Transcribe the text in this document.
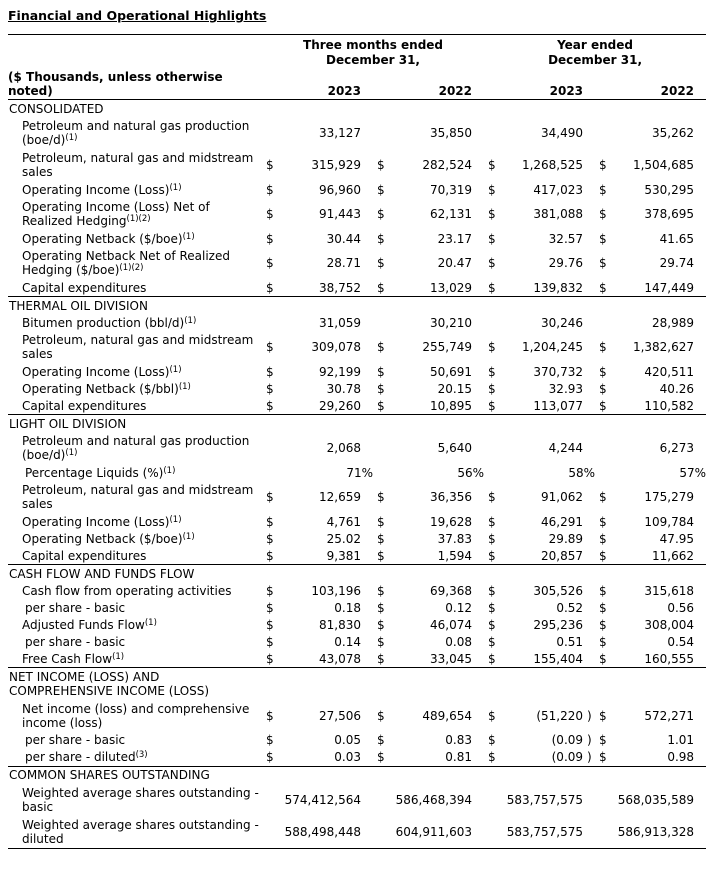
Financial and Operational Highlights

Three months ended
December 31,

Year ended
December 31,

($ Thousands, unless otherwise noted)	2023			2022			2023			2022		
CONSOLIDATED												
Petroleum and natural gas production $(boe/d)^{(1)}$		33,127			35,850			34,490			35,262	
Petroleum, natural gas and midstream sales	$	315,929		$	282,524		$	1,268,525		$	1,504,685	
Operating Income (Loss)$^{(1)}$	$	96,960		$	70,319		$	417,023		$	530,295	
Operating Income (Loss) Net of Realized Hedging$^{(1)(2)}$	$	91,443		$	62,131		$	381,088		$	378,695	
Operating Netback ($/boe)$^{(1)}$	$	30.44		$	23.17		$	32.57		$	41.65	
Operating Netback Net of Realized Hedging ($/boe)$^{(1)(2)}$	$	28.71		$	20.47		$	29.76		$	29.74	
Capital expenditures	$	38,752		$	13,029		$	139,832		$	147,449	
THERMAL OIL DIVISION												
Bitumen production $(bbl/d)^{(1)}$		31,059			30,210			30,246			28,989	
Petroleum, natural gas and midstream sales	$	309,078		$	255,749		$	1,204,245		$	1,382,627	
Operating Income (Loss)$^{(1)}$	$	92,199		$	50,691		$	370,732		$	420,511	
Operating Netback ($/bbl)$^{(1)}$	$	30.78		$	20.15		$	32.93		$	40.26	
Capital expenditures	$	29,260		$	10,895		$	113,077		$	110,582	
LIGHT OIL DIVISION												
Petroleum and natural gas production $(boe/d)^{(1)}$		2,068			5,640			4,244			6,273	
Percentage Liquids (%)$^{(1)}$		71%			56%			58%			57%	
Petroleum, natural gas and midstream sales	$	12,659		$	36,356		$	91,062		$	175,279	
Operating Income (Loss)$^{(1)}$	$	4,761		$	19,628		$	46,291		$	109,784	
Operating Netback ($/boe)$^{(1)}$	$	25.02		$	37.83		$	29.89		$	47.95	
Capital expenditures	$	9,381		$	1,594		$	20,857		$	11,662	
CASH FLOW AND FUNDS FLOW												
Cash flow from operating activities	$	103,196		$	69,368		$	305,526		$	315,618	
per share - basic	$	0.18		$	0.12		$	0.52		$	0.56	
Adjusted Funds Flow$^{(1)}$	$	81,830		$	46,074		$	295,236		$	308,004	
per share - basic	$	0.14		$	0.08		$	0.51		$	0.54	
Free Cash Flow$^{(1)}$	$	43,078		$	33,045		$	155,404		$	160,555	
NET INCOME (LOSS) AND COMPREHENSIVE INCOME (LOSS)												
Net income (loss) and comprehensive income (loss)	$	27,506		$	489,654		$	(51,220	)	$	572,271	
per share - basic	$	0.05		$	0.83		$	(0.09	)	$	1.01	
per share - diluted$^{(3)}$	$	0.03		$	0.81		$	(0.09	)	$	0.98	
COMMON SHARES OUTSTANDING												
Weighted average shares outstanding - basic		574,412,564			586,468,394			583,757,575			568,035,589	
Weighted average shares outstanding - diluted		588,498,448			604,911,603			583,757,575			586,913,328	
